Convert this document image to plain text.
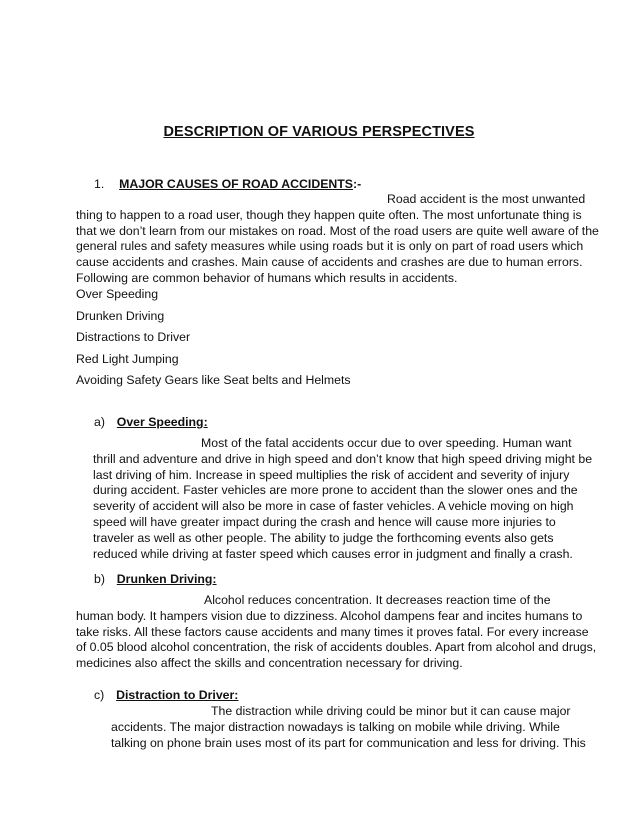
DESCRIPTION OF VARIOUS PERSPECTIVES
1. MAJOR CAUSES OF ROAD ACCIDENTS:-
Road accident is the most unwanted
thing to happen to a road user, though they happen quite often. The most unfortunate thing is
that we don’t learn from our mistakes on road. Most of the road users are quite well aware of the
general rules and safety measures while using roads but it is only on part of road users which
cause accidents and crashes. Main cause of accidents and crashes are due to human errors.
Following are common behavior of humans which results in accidents.
Over Speeding
Drunken Driving
Distractions to Driver
Red Light Jumping
Avoiding Safety Gears like Seat belts and Helmets
a) Over Speeding:
Most of the fatal accidents occur due to over speeding. Human want
thrill and adventure and drive in high speed and don’t know that high speed driving might be
last driving of him. Increase in speed multiplies the risk of accident and severity of injury
during accident. Faster vehicles are more prone to accident than the slower ones and the
severity of accident will also be more in case of faster vehicles. A vehicle moving on high
speed will have greater impact during the crash and hence will cause more injuries to
traveler as well as other people. The ability to judge the forthcoming events also gets
reduced while driving at faster speed which causes error in judgment and finally a crash.
b) Drunken Driving:
Alcohol reduces concentration. It decreases reaction time of the
human body. It hampers vision due to dizziness. Alcohol dampens fear and incites humans to
take risks. All these factors cause accidents and many times it proves fatal. For every increase
of 0.05 blood alcohol concentration, the risk of accidents doubles. Apart from alcohol and drugs,
medicines also affect the skills and concentration necessary for driving.
c) Distraction to Driver:
The distraction while driving could be minor but it can cause major
accidents. The major distraction nowadays is talking on mobile while driving. While
talking on phone brain uses most of its part for communication and less for driving. This
